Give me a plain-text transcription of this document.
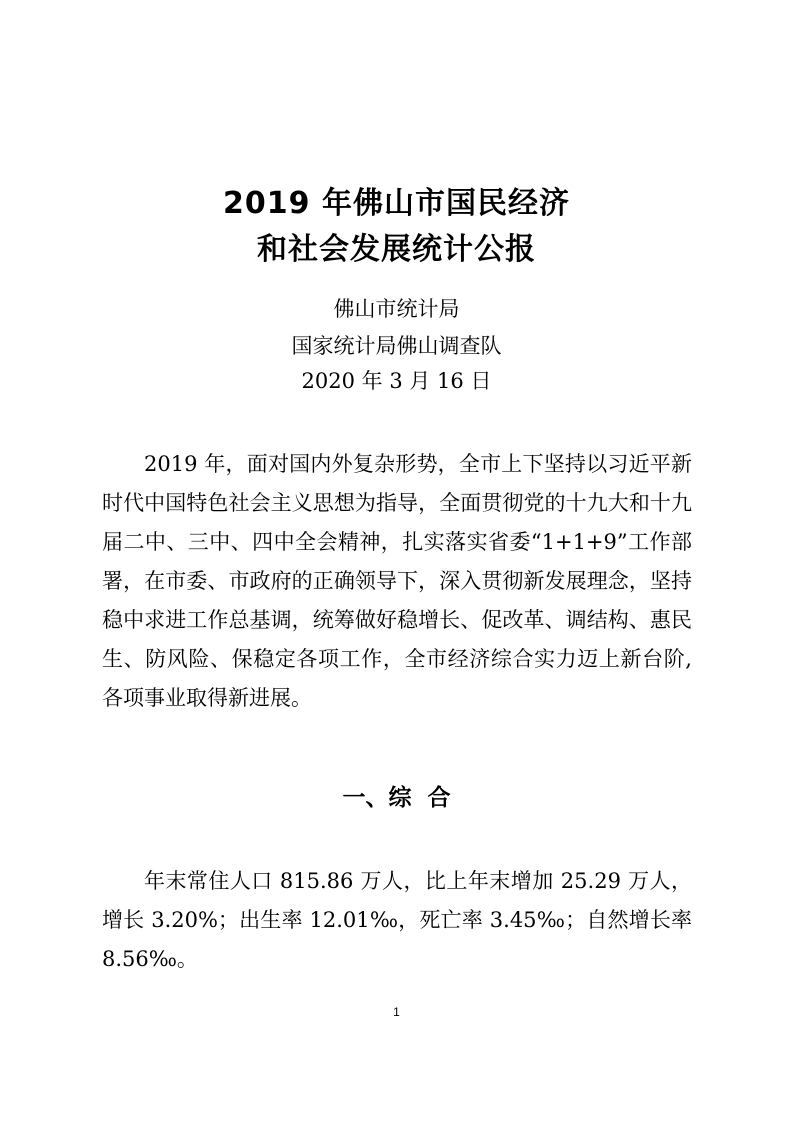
2019 年佛山市国民经济
和社会发展统计公报
佛山市统计局
国家统计局佛山调查队
2020 年 3 月 16 日

2019 年，面对国内外复杂形势，全市上下坚持以习近平新时代中国特色社会主义思想为指导，全面贯彻党的十九大和十九届二中、三中、四中全会精神，扎实落实省委“1+1+9”工作部署，在市委、市政府的正确领导下，深入贯彻新发展理念，坚持稳中求进工作总基调，统筹做好稳增长、促改革、调结构、惠民生、防风险、保稳定各项工作，全市经济综合实力迈上新台阶,各项事业取得新进展。

一、综  合

年末常住人口 815.86 万人，比上年末增加 25.29 万人，增长 3.20%；出生率 12.01‰，死亡率 3.45‰；自然增长率 8.56‰。

1
